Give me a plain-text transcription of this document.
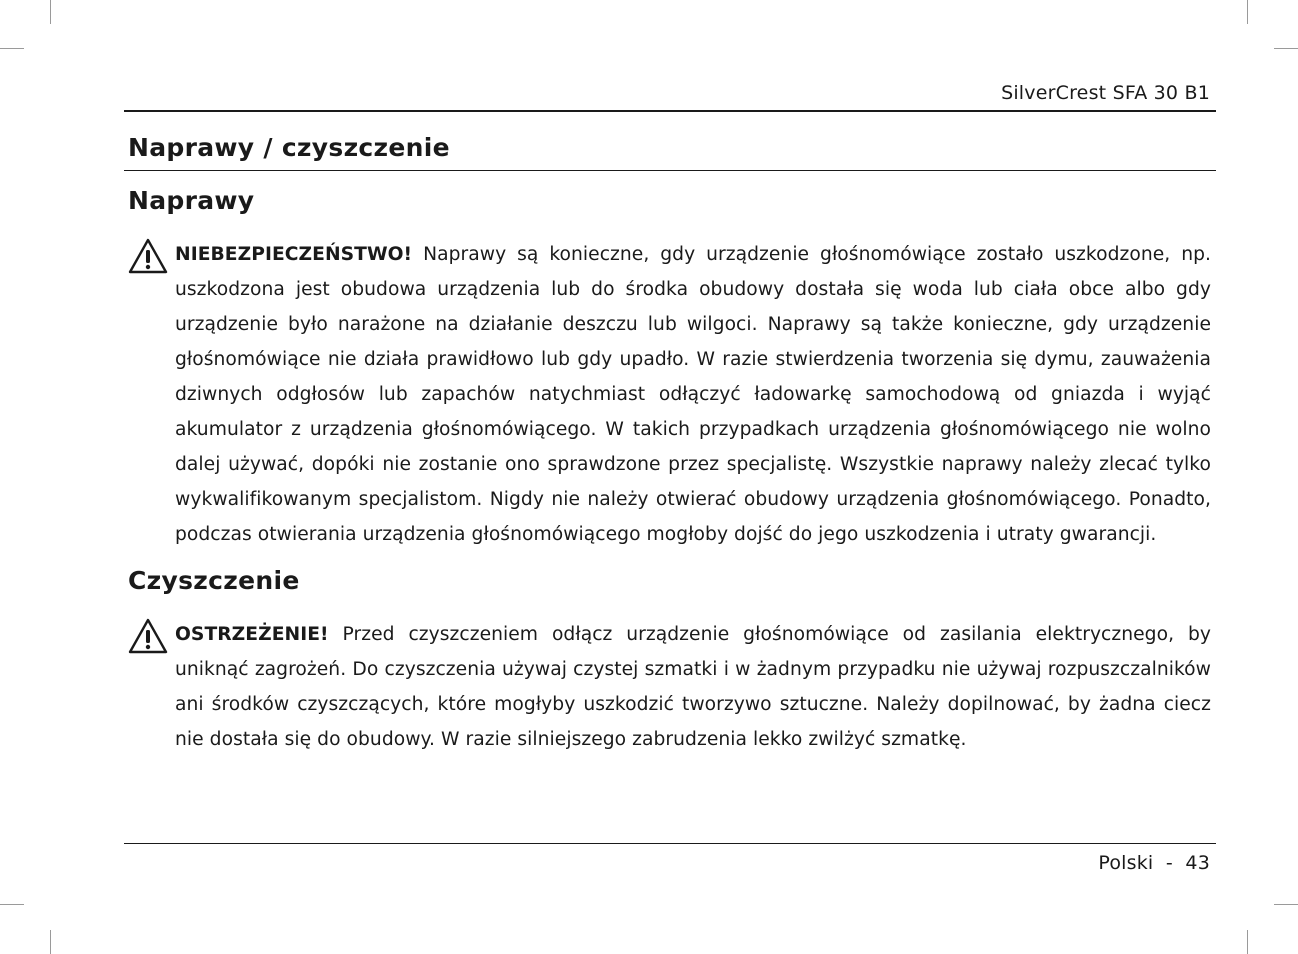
SilverCrest SFA 30 B1
Naprawy / czyszczenie
Naprawy
NIEBEZPIECZEŃSTWO! Naprawy są konieczne, gdy urządzenie głośnomówiące zostało uszkodzone, np. uszkodzona jest obudowa urządzenia lub do środka obudowy dostała się woda lub ciała obce albo gdy urządzenie było narażone na działanie deszczu lub wilgoci. Naprawy są także konieczne, gdy urządzenie głośnomówiące nie działa prawidłowo lub gdy upadło. W razie stwierdzenia tworzenia się dymu, zauważenia dziwnych odgłosów lub zapachów natychmiast odłączyć ładowarkę samochodową od gniazda i wyjąć akumulator z urządzenia głośnomówiącego. W takich przypadkach urządzenia głośnomówiącego nie wolno dalej używać, dopóki nie zostanie ono sprawdzone przez specjalistę. Wszystkie naprawy należy zlecać tylko wykwalifikowanym specjalistom. Nigdy nie należy otwierać obudowy urządzenia głośnomówiącego. Ponadto, podczas otwierania urządzenia głośnomówiącego mogłoby dojść do jego uszkodzenia i utraty gwarancji.
Czyszczenie
OSTRZEŻENIE! Przed czyszczeniem odłącz urządzenie głośnomówiące od zasilania elektrycznego, by uniknąć zagrożeń. Do czyszczenia używaj czystej szmatki i w żadnym przypadku nie używaj rozpuszczalników ani środków czyszczących, które mogłyby uszkodzić tworzywo sztuczne. Należy dopilnować, by żadna ciecz nie dostała się do obudowy. W razie silniejszego zabrudzenia lekko zwilżyć szmatkę.
Polski  -  43
